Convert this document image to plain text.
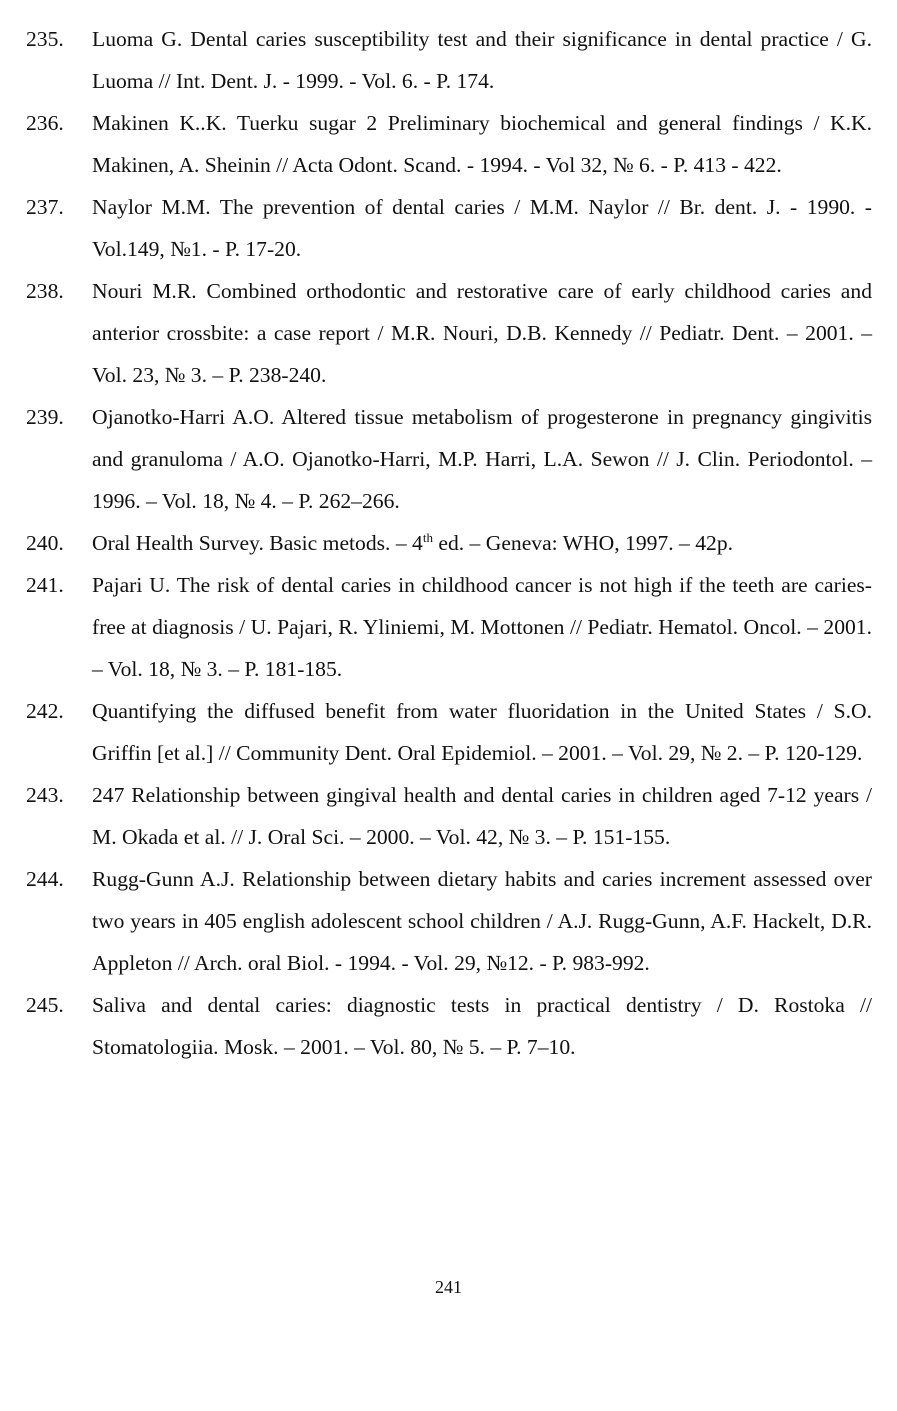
235.	Luoma G. Dental caries susceptibility test and their significance in dental practice / G. Luoma // Int. Dent. J. - 1999. - Vol. 6. - P. 174.
236.	Makinen K..K. Tuerku sugar 2 Preliminary biochemical and general findings / K.K. Makinen, A. Sheinin // Acta Odont. Scand. - 1994. - Vol 32, № 6. - P. 413 - 422.
237.	Naylor M.M. The prevention of dental caries / M.M. Naylor // Br. dent. J. - 1990. - Vol.149, №1. - P. 17-20.
238.	Nouri M.R. Combined orthodontic and restorative care of early childhood caries and anterior crossbite: a case report / M.R. Nouri, D.B. Kennedy // Pediatr. Dent. – 2001. – Vol. 23, № 3. – P. 238-240.
239.	Ojanotko-Harri A.O. Altered tissue metabolism of progesterone in pregnancy gingivitis and granuloma / A.O. Ojanotko-Harri, M.P. Harri, L.A. Sewon // J. Clin. Periodontol. – 1996. – Vol. 18, № 4. – P. 262–266.
240.	Oral Health Survey. Basic metods. – 4th ed. – Geneva: WHO, 1997. – 42p.
241.	Pajari U. The risk of dental caries in childhood cancer is not high if the teeth are caries- free at diagnosis / U. Pajari, R. Yliniemi, M. Mottonen // Pediatr. Hematol. Oncol. – 2001. – Vol. 18, № 3. – P. 181-185.
242.	Quantifying the diffused benefit from water fluoridation in the United States / S.O. Griffin [et al.] // Community Dent. Oral Epidemiol. – 2001. – Vol. 29, № 2. – P. 120-129.
243.	247 Relationship between gingival health and dental caries in children aged 7-12 years / M. Okada et al. // J. Oral Sci. – 2000. – Vol. 42, № 3. – P. 151-155.
244.	Rugg-Gunn A.J. Relationship between dietary habits and caries increment assessed over two years in 405 english adolescent school children / A.J. Rugg-Gunn, A.F. Hackelt, D.R. Appleton // Arch. oral Biol. - 1994. - Vol. 29, №12. - P. 983-992.
245.	Saliva and dental caries: diagnostic tests in practical dentistry / D. Rostoka // Stomatologiia. Mosk. – 2001. – Vol. 80, № 5. – P. 7–10.
241
